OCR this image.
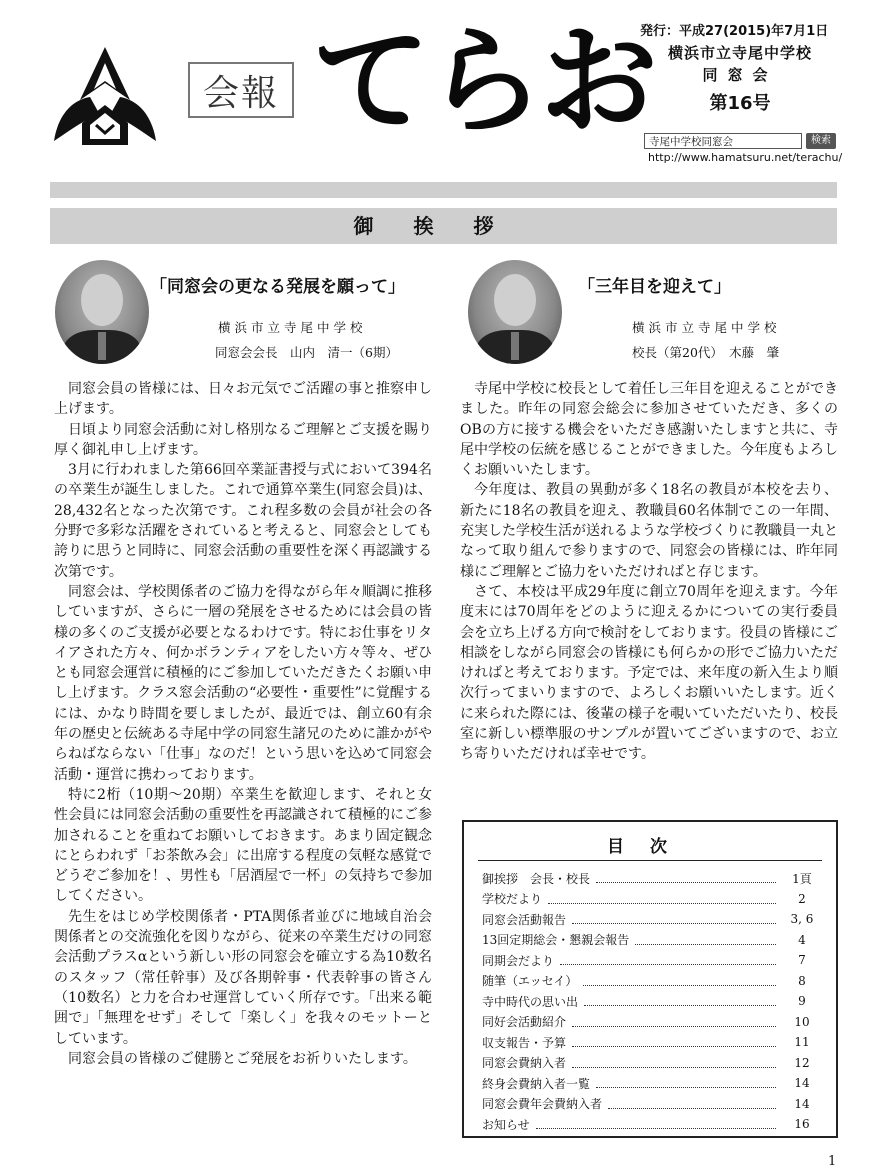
会報 てらお
発行：平成27(2015)年7月1日
横浜市立寺尾中学校
同窓会
第16号
寺尾中学校同窓会	検索
http://www.hamatsuru.net/terachu/
御挨拶
「同窓会の更なる発展を願って」
横浜市立寺尾中学校
同窓会会長　山内　清一（6期）

同窓会員の皆様には、日々お元気でご活躍の事と推察申し上げます。

日頃より同窓会活動に対し格別なるご理解とご支援を賜り厚く御礼申し上げます。

3月に行われました第66回卒業証書授与式において394名の卒業生が誕生しました。これで通算卒業生(同窓会員)は、28,432名となった次第です。これ程多数の会員が社会の各分野で多彩な活躍をされていると考えると、同窓会としても誇りに思うと同時に、同窓会活動の重要性を深く再認識する次第です。

同窓会は、学校関係者のご協力を得ながら年々順調に推移していますが、さらに一層の発展をさせるためには会員の皆様の多くのご支援が必要となるわけです。特にお仕事をリタイアされた方々、何かボランティアをしたい方々等々、ぜひとも同窓会運営に積極的にご参加していただきたくお願い申し上げます。クラス窓会活動の“必要性・重要性”に覚醒するには、かなり時間を要しましたが、最近では、創立60有余年の歴史と伝統ある寺尾中学の同窓生諸兄のために誰かがやらねばならない「仕事」なのだ！という思いを込めて同窓会活動・運営に携わっております。

特に2桁（10期～20期）卒業生を歓迎します、それと女性会員には同窓会活動の重要性を再認識されて積極的にご参加されることを重ねてお願いしておきます。あまり固定観念にとらわれず「お茶飲み会」に出席する程度の気軽な感覚でどうぞご参加を！、男性も「居酒屋で一杯」の気持ちで参加してください。

先生をはじめ学校関係者・PTA関係者並びに地域自治会関係者との交流強化を図りながら、従来の卒業生だけの同窓会活動プラスαという新しい形の同窓会を確立する為10数名のスタッフ（常任幹事）及び各期幹事・代表幹事の皆さん（10数名）と力を合わせ運営していく所存です。「出来る範囲で」「無理をせず」そして「楽しく」を我々のモットーとしています。

同窓会員の皆様のご健勝とご発展をお祈りいたします。

「三年目を迎えて」
横浜市立寺尾中学校
校長（第20代）　木藤　肇

寺尾中学校に校長として着任し三年目を迎えることができました。昨年の同窓会総会に参加させていただき、多くのOBの方に接する機会をいただき感謝いたしますと共に、寺尾中学校の伝統を感じることができました。今年度もよろしくお願いいたします。

今年度は、教員の異動が多く18名の教員が本校を去り、新たに18名の教員を迎え、教職員60名体制でこの一年間、充実した学校生活が送れるような学校づくりに教職員一丸となって取り組んで参りますので、同窓会の皆様には、昨年同様にご理解とご協力をいただければと存じます。

さて、本校は平成29年度に創立70周年を迎えます。今年度末には70周年をどのように迎えるかについての実行委員会を立ち上げる方向で検討をしております。役員の皆様にご相談をしながら同窓会の皆様にも何らかの形でご協力いただければと考えております。予定では、来年度の新入生より順次行ってまいりますので、よろしくお願いいたします。近くに来られた際には、後輩の様子を覗いていただいたり、校長室に新しい標準服のサンプルが置いてございますので、お立ち寄りいただければ幸せです。

目次
御挨拶　会長・校長	1頁
学校だより	2
同窓会活動報告	3, 6
13回定期総会・懇親会報告	4
同期会だより	7
随筆（エッセイ）	8
寺中時代の思い出	9
同好会活動紹介	10
収支報告・予算	11
同窓会費納入者	12
終身会費納入者一覧	14
同窓会費年会費納入者	14
お知らせ	16
1
